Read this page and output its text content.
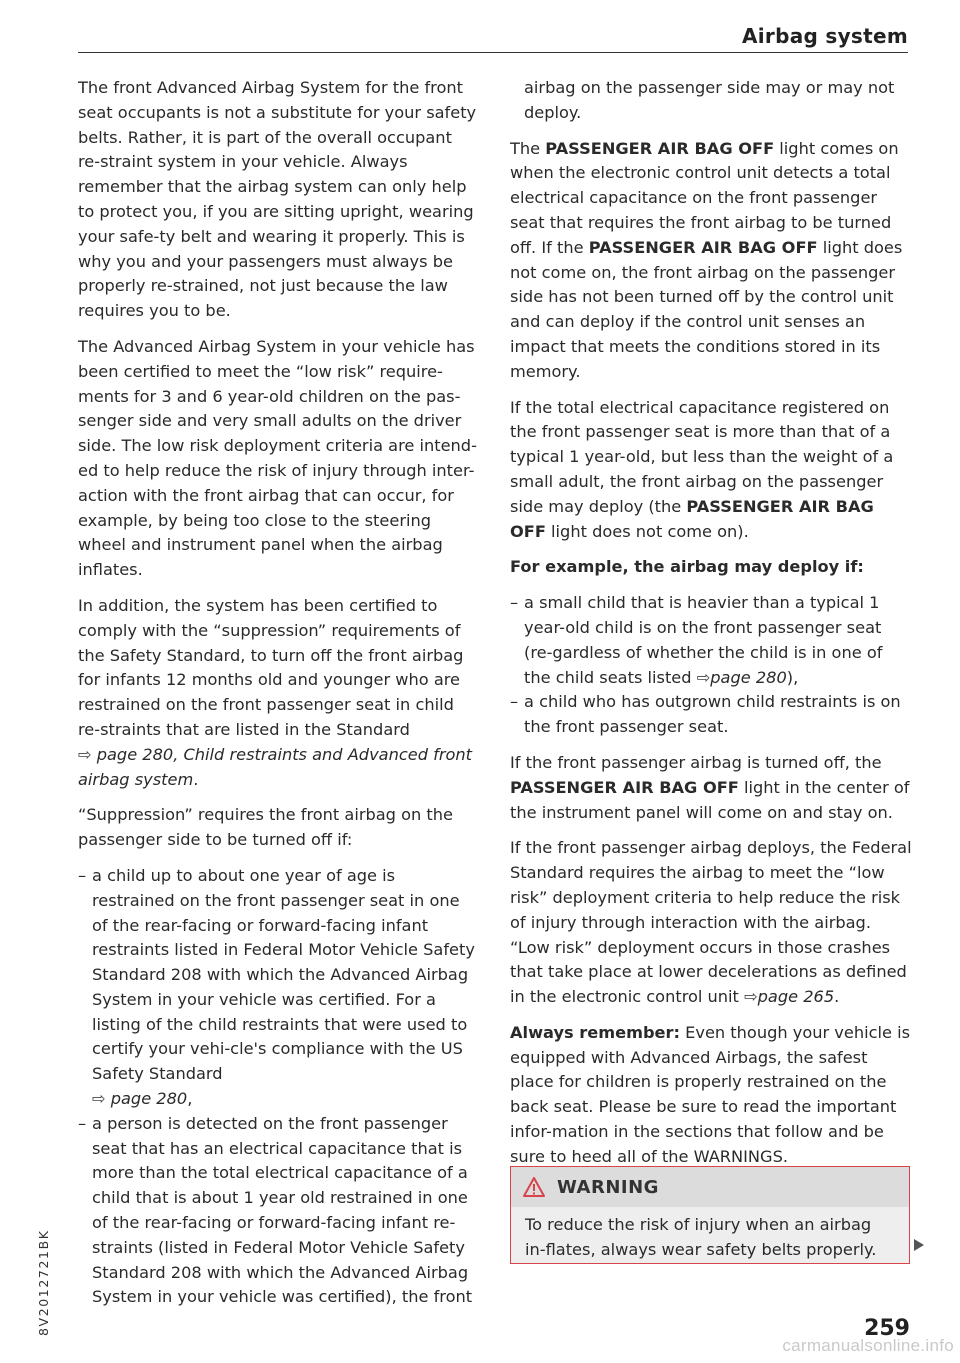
Airbag system

The front Advanced Airbag System for the front seat occupants is not a substitute for your safety belts. Rather, it is part of the overall occupant re-straint system in your vehicle. Always remember that the airbag system can only help to protect you, if you are sitting upright, wearing your safe-ty belt and wearing it properly. This is why you and your passengers must always be properly re-strained, not just because the law requires you to be.

The Advanced Airbag System in your vehicle has been certified to meet the “low risk” require-ments for 3 and 6 year-old children on the pas-senger side and very small adults on the driver side. The low risk deployment criteria are intend-ed to help reduce the risk of injury through inter-action with the front airbag that can occur, for example, by being too close to the steering wheel and instrument panel when the airbag inflates.

In addition, the system has been certified to comply with the “suppression” requirements of the Safety Standard, to turn off the front airbag for infants 12 months old and younger who are restrained on the front passenger seat in child re-straints that are listed in the Standard
⇨ page 280, Child restraints and Advanced front airbag system.

“Suppression” requires the front airbag on the passenger side to be turned off if:

– a child up to about one year of age is restrained on the front passenger seat in one of the rear-facing or forward-facing infant restraints listed in Federal Motor Vehicle Safety Standard 208 with which the Advanced Airbag System in your vehicle was certified. For a listing of the child restraints that were used to certify your vehi-cle's compliance with the US Safety Standard
⇨ page 280,
– a person is detected on the front passenger seat that has an electrical capacitance that is more than the total electrical capacitance of a child that is about 1 year old restrained in one of the rear-facing or forward-facing infant re-straints (listed in Federal Motor Vehicle Safety Standard 208 with which the Advanced Airbag System in your vehicle was certified), the front

airbag on the passenger side may or may not deploy.

The PASSENGER AIR BAG OFF light comes on when the electronic control unit detects a total electrical capacitance on the front passenger seat that requires the front airbag to be turned off. If the PASSENGER AIR BAG OFF light does not come on, the front airbag on the passenger side has not been turned off by the control unit and can deploy if the control unit senses an impact that meets the conditions stored in its memory.

If the total electrical capacitance registered on the front passenger seat is more than that of a typical 1 year-old, but less than the weight of a small adult, the front airbag on the passenger side may deploy (the PASSENGER AIR BAG OFF light does not come on).

For example, the airbag may deploy if:

– a small child that is heavier than a typical 1 year-old child is on the front passenger seat (re-gardless of whether the child is in one of the child seats listed ⇨page 280),
– a child who has outgrown child restraints is on the front passenger seat.

If the front passenger airbag is turned off, the PASSENGER AIR BAG OFF light in the center of the instrument panel will come on and stay on.

If the front passenger airbag deploys, the Federal Standard requires the airbag to meet the “low risk” deployment criteria to help reduce the risk of injury through interaction with the airbag. “Low risk” deployment occurs in those crashes that take place at lower decelerations as defined in the electronic control unit ⇨page 265.

Always remember: Even though your vehicle is equipped with Advanced Airbags, the safest place for children is properly restrained on the back seat. Please be sure to read the important infor-mation in the sections that follow and be sure to heed all of the WARNINGS.

WARNING
To reduce the risk of injury when an airbag in-flates, always wear safety belts properly.
8V2012721BK	259
carmanualsonline.info
